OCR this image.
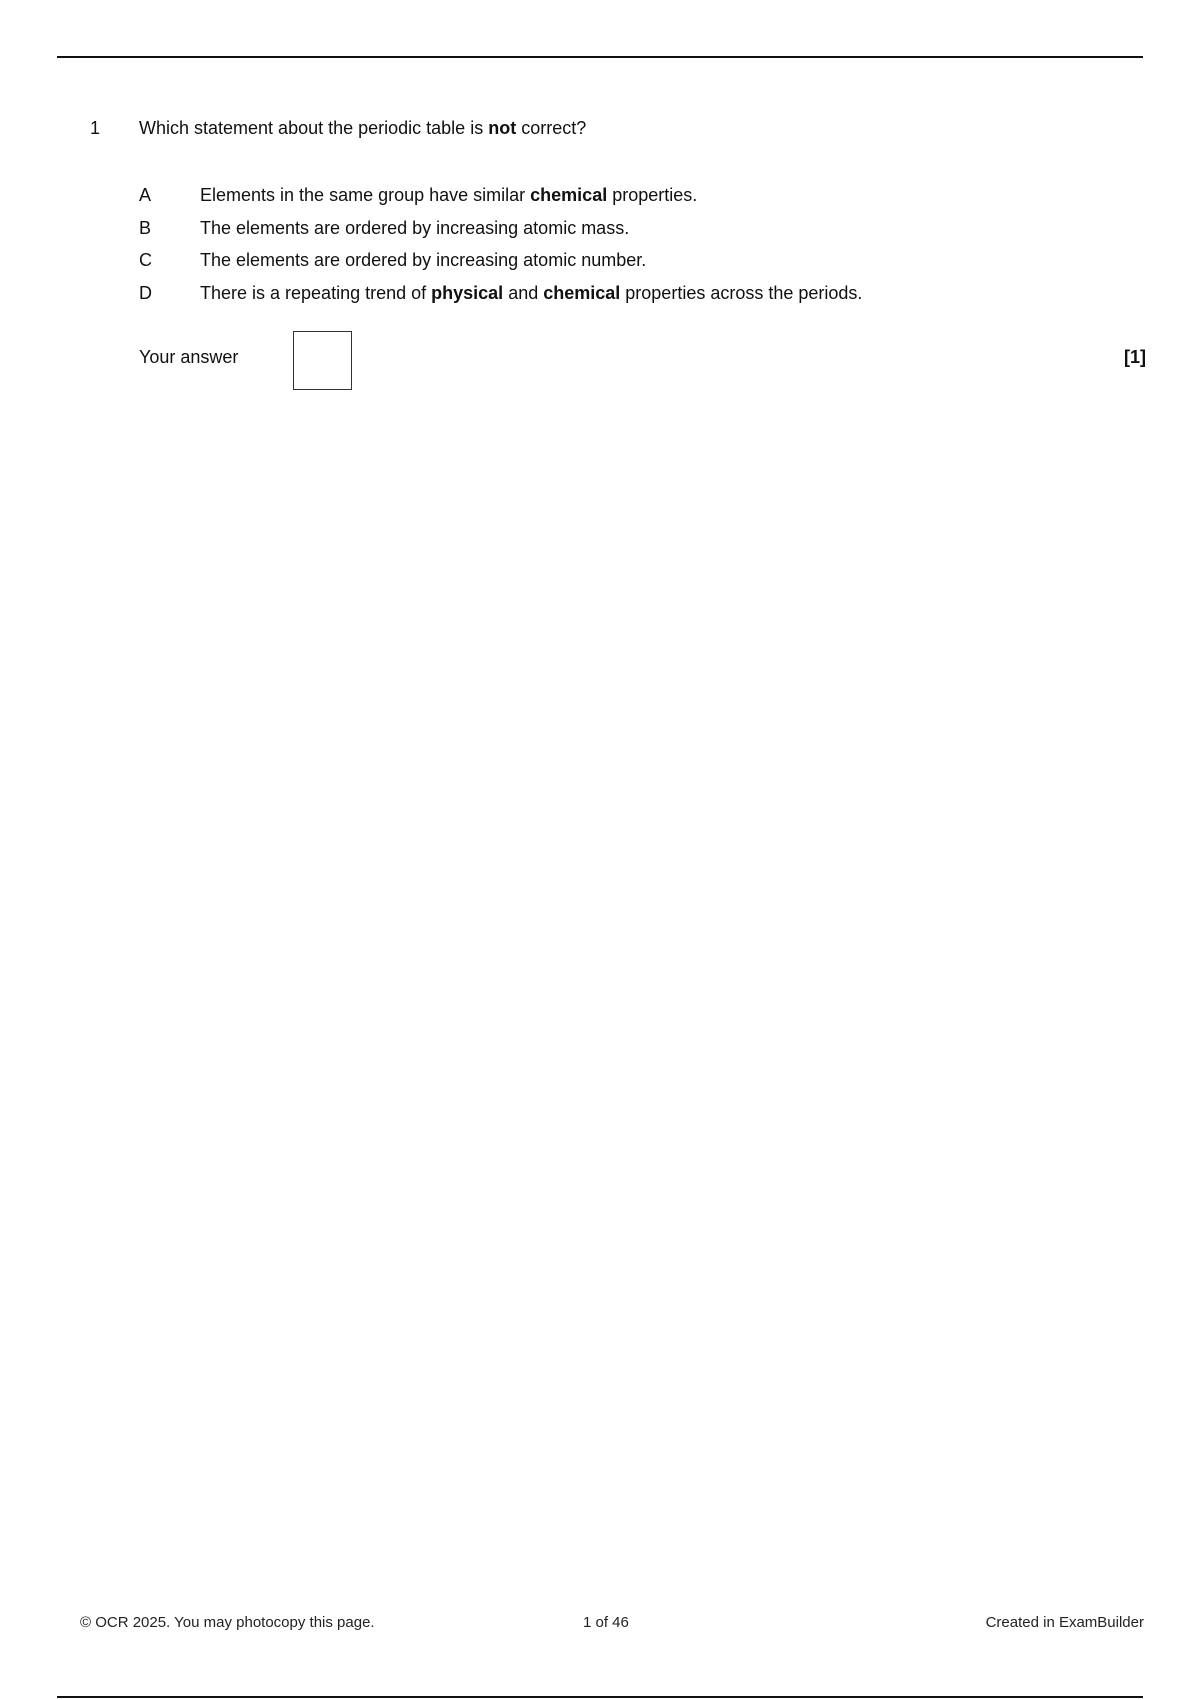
1 Which statement about the periodic table is not correct?
A	Elements in the same group have similar chemical properties.
B	The elements are ordered by increasing atomic mass.
C	The elements are ordered by increasing atomic number.
D	There is a repeating trend of physical and chemical properties across the periods.
Your answer	[1]
© OCR 2025. You may photocopy this page.	1 of 46	Created in ExamBuilder
